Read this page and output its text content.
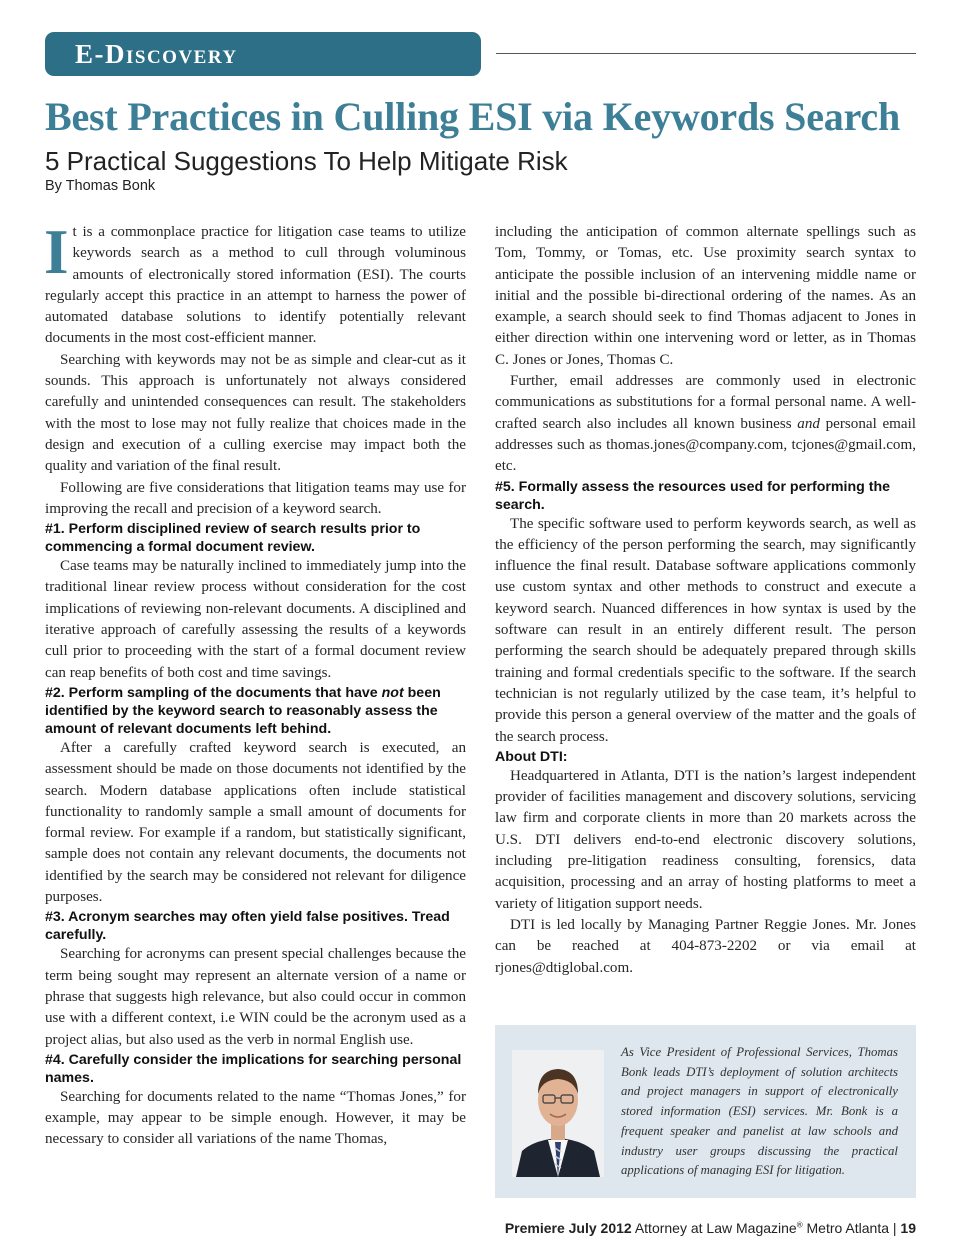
E-Discovery
Best Practices in Culling ESI via Keywords Search
5 Practical Suggestions To Help Mitigate Risk
By Thomas Bonk

It is a commonplace practice for litigation case teams to utilize keywords search as a method to cull through voluminous amounts of electronically stored information (ESI). The courts regularly accept this practice in an attempt to harness the power of automated database solutions to identify potentially relevant documents in the most cost-efficient manner.

Searching with keywords may not be as simple and clear-cut as it sounds. This approach is unfortunately not always considered carefully and unintended consequences can result. The stakeholders with the most to lose may not fully realize that choices made in the design and execution of a culling exercise may impact both the quality and variation of the final result.

Following are five considerations that litigation teams may use for improving the recall and precision of a keyword search.

#1. Perform disciplined review of search results prior to commencing a formal document review.

Case teams may be naturally inclined to immediately jump into the traditional linear review process without consideration for the cost implications of reviewing non-relevant documents. A disciplined and iterative approach of carefully assessing the results of a keywords cull prior to proceeding with the start of a formal document review can reap benefits of both cost and time savings.

#2. Perform sampling of the documents that have not been identified by the keyword search to reasonably assess the amount of relevant documents left behind.

After a carefully crafted keyword search is executed, an assessment should be made on those documents not identified by the search. Modern database applications often include statistical functionality to randomly sample a small amount of documents for formal review. For example if a random, but statistically significant, sample does not contain any relevant documents, the documents not identified by the search may be considered not relevant for diligence purposes.

#3. Acronym searches may often yield false positives. Tread carefully.

Searching for acronyms can present special challenges because the term being sought may represent an alternate version of a name or phrase that suggests high relevance, but also could occur in common use with a different context, i.e WIN could be the acronym used as a project alias, but also used as the verb in normal English use.

#4. Carefully consider the implications for searching personal names.

Searching for documents related to the name “Thomas Jones,” for example, may appear to be simple enough. However, it may be necessary to consider all variations of the name Thomas,

including the anticipation of common alternate spellings such as Tom, Tommy, or Tomas, etc. Use proximity search syntax to anticipate the possible inclusion of an intervening middle name or initial and the possible bi-directional ordering of the names. As an example, a search should seek to find Thomas adjacent to Jones in either direction within one intervening word or letter, as in Thomas C. Jones or Jones, Thomas C.

Further, email addresses are commonly used in electronic communications as substitutions for a formal personal name. A well-crafted search also includes all known business and personal email addresses such as thomas.jones@company.com, tcjones@gmail.com, etc.

#5. Formally assess the resources used for performing the search.

The specific software used to perform keywords search, as well as the efficiency of the person performing the search, may significantly influence the final result. Database software applications commonly use custom syntax and other methods to construct and execute a keyword search. Nuanced differences in how syntax is used by the software can result in an entirely different result. The person performing the search should be adequately prepared through skills training and formal credentials specific to the software. If the search technician is not regularly utilized by the case team, it’s helpful to provide this person a general overview of the matter and the goals of the search process.

About DTI:

Headquartered in Atlanta, DTI is the nation’s largest independent provider of facilities management and discovery solutions, servicing law firm and corporate clients in more than 20 markets across the U.S. DTI delivers end-to-end electronic discovery solutions, including pre-litigation readiness consulting, forensics, data acquisition, processing and an array of hosting platforms to meet a variety of litigation support needs.

DTI is led locally by Managing Partner Reggie Jones. Mr. Jones can be reached at 404-873-2202 or via email at rjones@dtiglobal.com.

As Vice President of Professional Services, Thomas Bonk leads DTI’s deployment of solution architects and project managers in support of electronically stored information (ESI) services. Mr. Bonk is a frequent speaker and panelist at law schools and industry user groups discussing the practical applications of managing ESI for litigation.
Premiere July 2012 Attorney at Law Magazine® Metro Atlanta | 19
